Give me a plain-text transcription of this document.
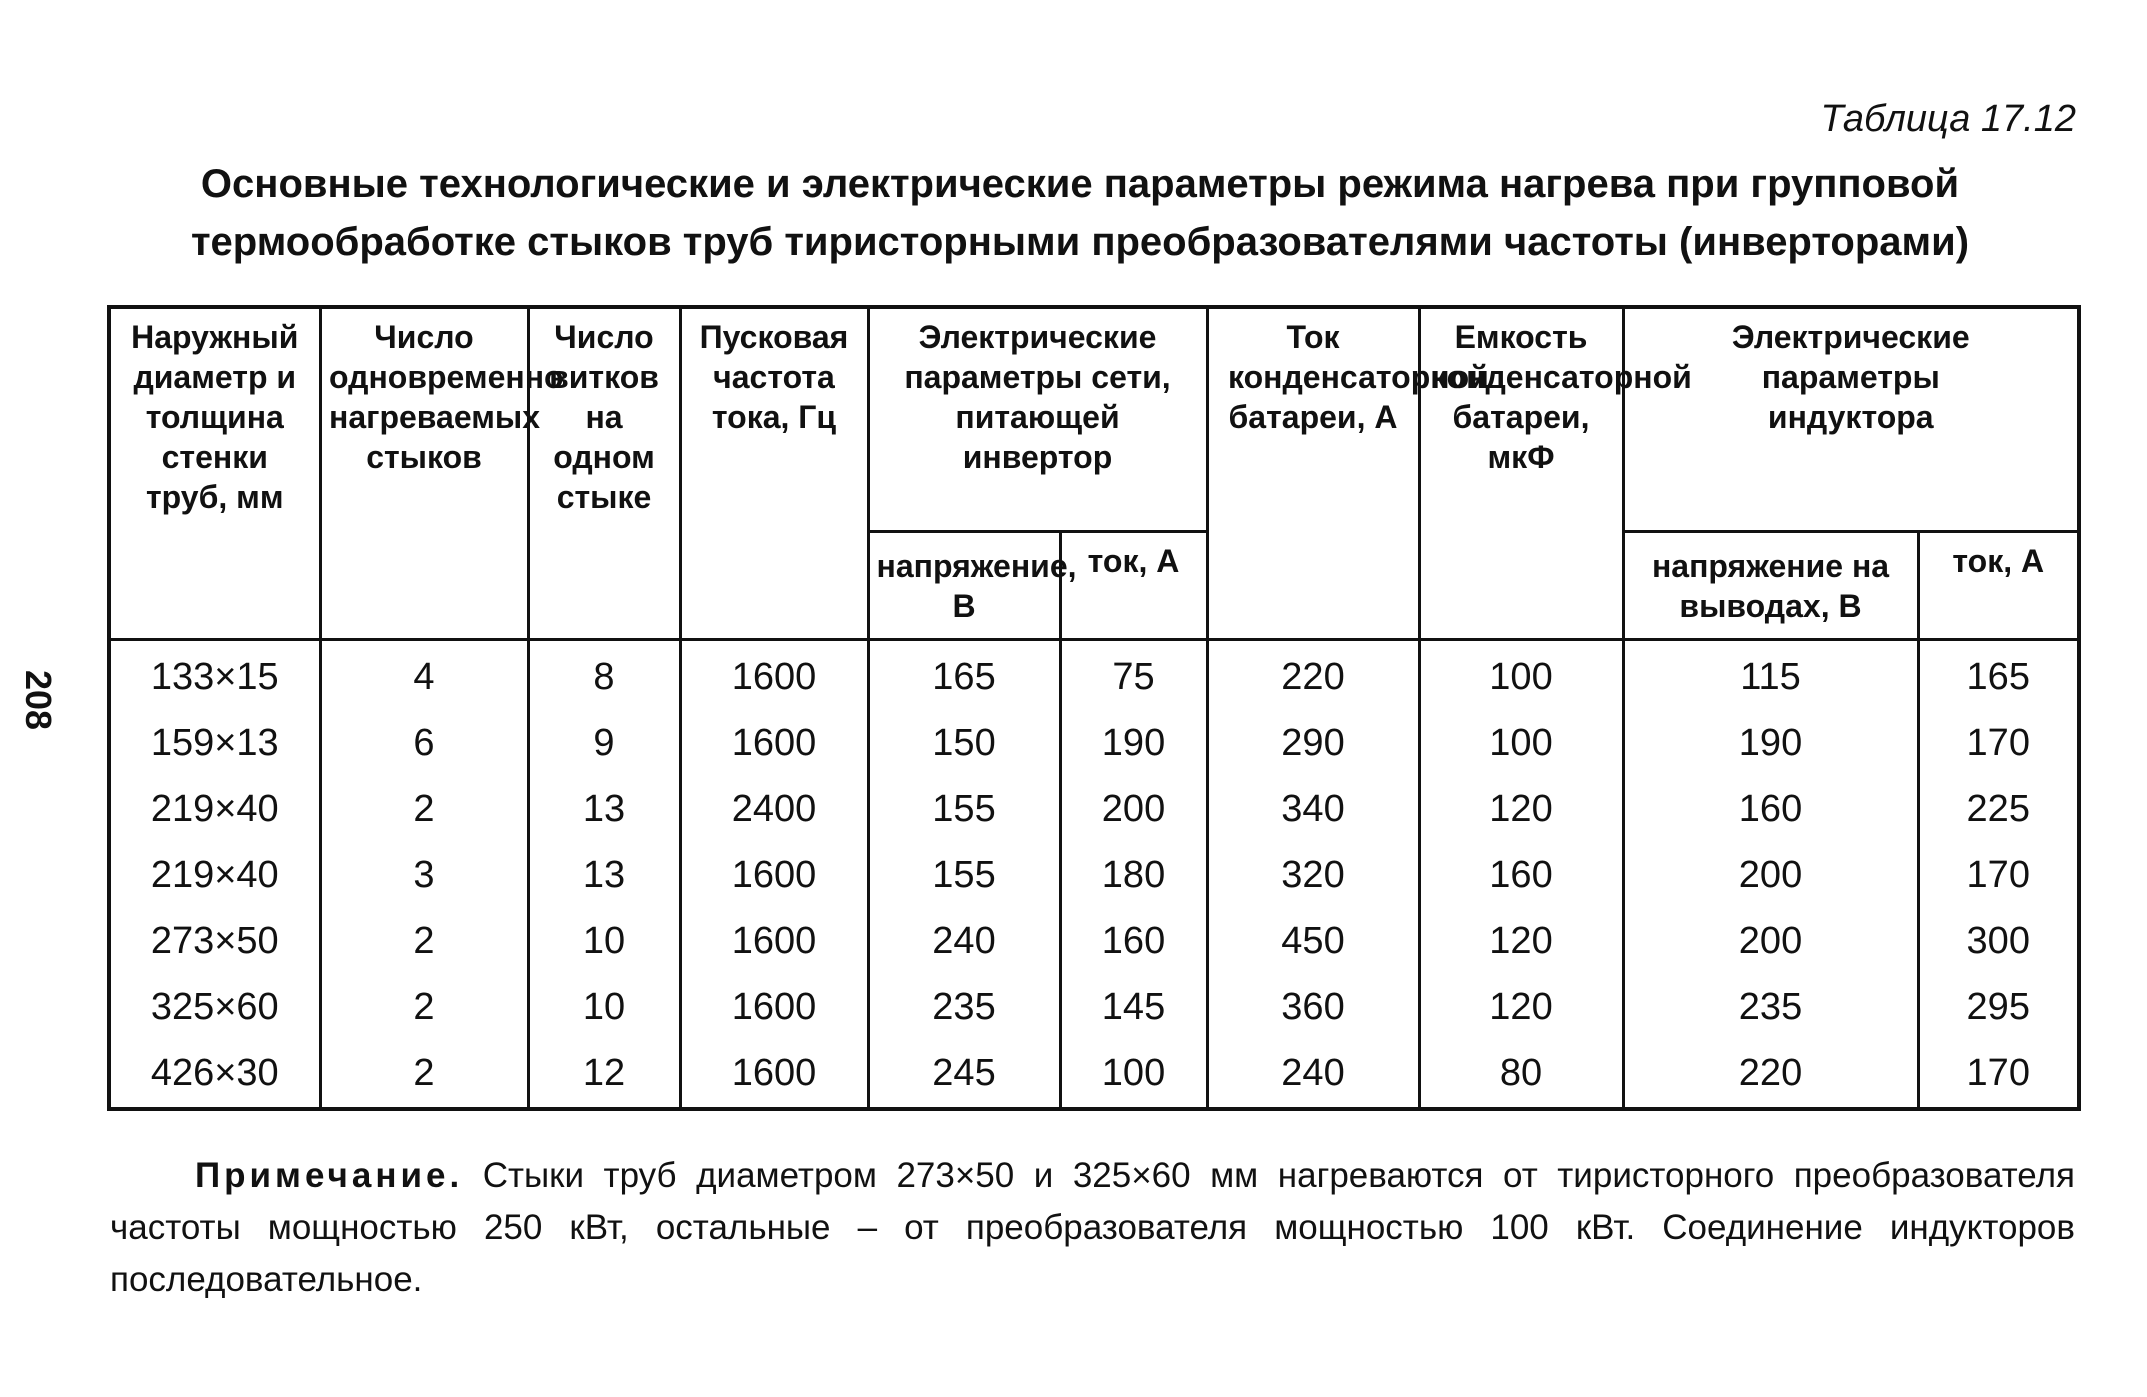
208
Таблица 17.12
Основные технологические и электрические параметры режима нагрева при групповой термообработке стыков труб тиристорными преобразователями частоты (инверторами)
Наружный диаметр и толщина стенки труб, мм	Число одновременно нагреваемых стыков	Число витков на одном стыке	Пусковая частота тока, Гц	Электрические параметры сети, питающей инвертор		Ток конденсаторной батареи, А	Емкость конденсаторной батареи, мкФ	Электрические параметры индуктора	
				напряжение, В	ток, А			напряжение на выводах, В	ток, А
133×15	4	8	1600	165	75	220	100	115	165
159×13	6	9	1600	150	190	290	100	190	170
219×40	2	13	2400	155	200	340	120	160	225
219×40	3	13	1600	155	180	320	160	200	170
273×50	2	10	1600	240	160	450	120	200	300
325×60	2	10	1600	235	145	360	120	235	295
426×30	2	12	1600	245	100	240	80	220	170
Примечание. Стыки труб диаметром 273×50 и 325×60 мм нагреваются от тиристорного преобразователя частоты мощностью 250 кВт, остальные – от преобразователя мощностью 100 кВт. Соединение индукторов последовательное.
